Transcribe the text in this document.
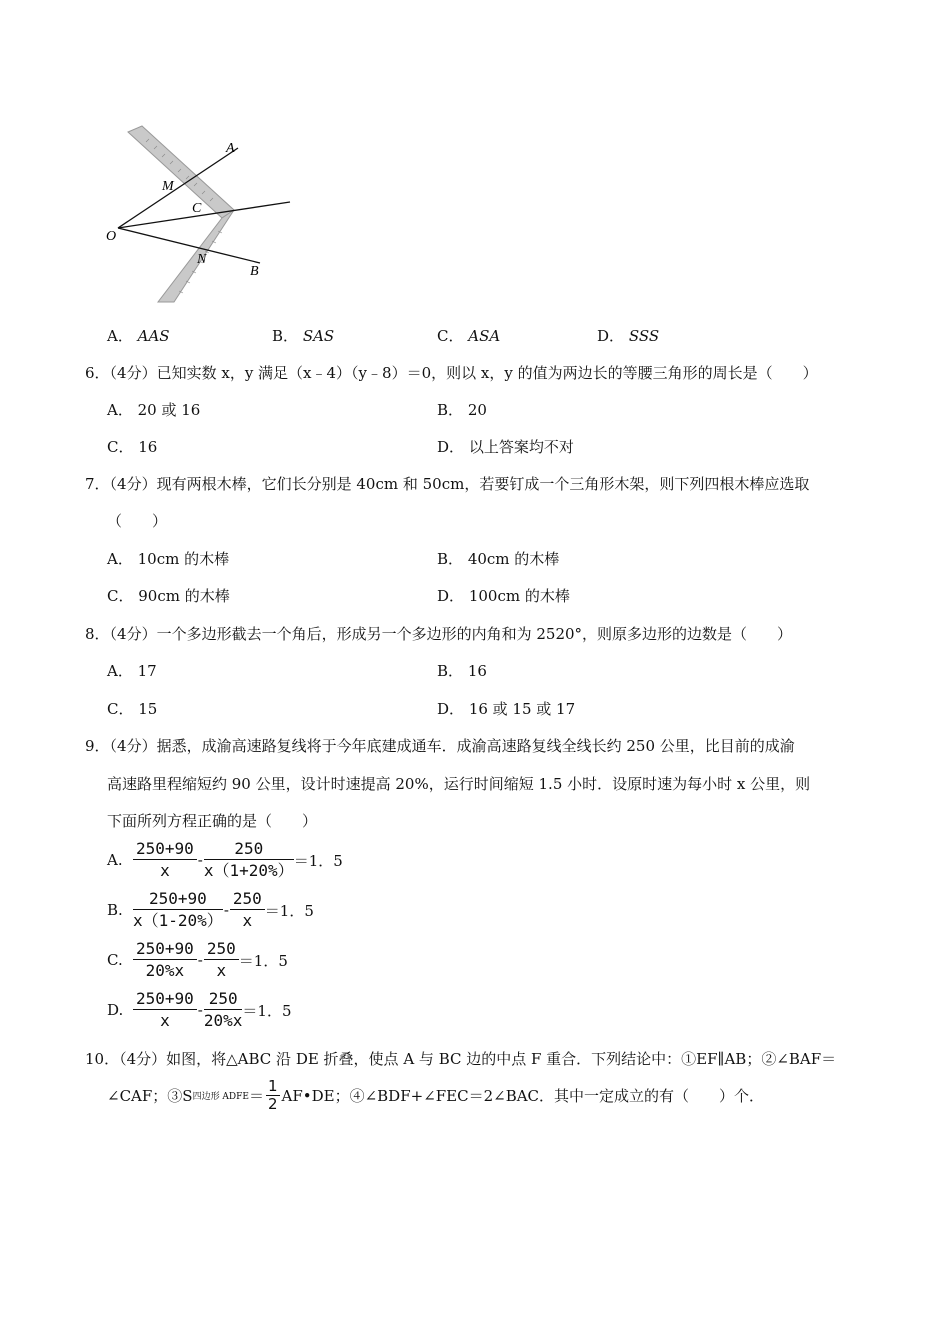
A
M
C
O
N
B
A． AAS	B． SAS	C． ASA	D． SSS
6．（4分）已知实数 x，y 满足（x﹣4）（y﹣8）＝0，则以 x，y 的值为两边长的等腰三角形的周长是（　　）
A． 20 或 16	B． 20
C． 16	D． 以上答案均不对
7．（4分）现有两根木棒，它们长分别是 40cm 和 50cm，若要钉成一个三角形木架，则下列四根木棒应选取
（　　）
A． 10cm 的木棒	B． 40cm 的木棒
C． 90cm 的木棒	D． 100cm 的木棒
8．（4分）一个多边形截去一个角后，形成另一个多边形的内角和为 2520°，则原多边形的边数是（　　）
A． 17	B． 16
C． 15	D． 16 或 15 或 17
9．（4分）据悉，成渝高速路复线将于今年底建成通车．成渝高速路复线全线长约 250 公里，比目前的成渝
高速路里程缩短约 90 公里，设计时速提高 20%，运行时间缩短 1.5 小时．设原时速为每小时 x 公里，则
下面所列方程正确的是（　　）
A. $\frac{250+90}{x} - \frac{250}{x(1+20\%)} =1$．5
B. $\frac{250+90}{x(1-20\%)} - \frac{250}{x} =1$．5
C. $\frac{250+90}{20\%x} - \frac{250}{x} =1$．5
D. $\frac{250+90}{x} - \frac{250}{20\%x} =1$．5
10．（4分）如图，将△ABC 沿 DE 折叠，使点 A 与 BC 边的中点 F 重合．下列结论中：①EF∥AB；②∠BAF＝
∠CAF；③S 四边形 ADFE ＝
1
2 AF•DE；④∠BDF+∠FEC＝2∠BAC．其中一定成立的有（　　）个．
